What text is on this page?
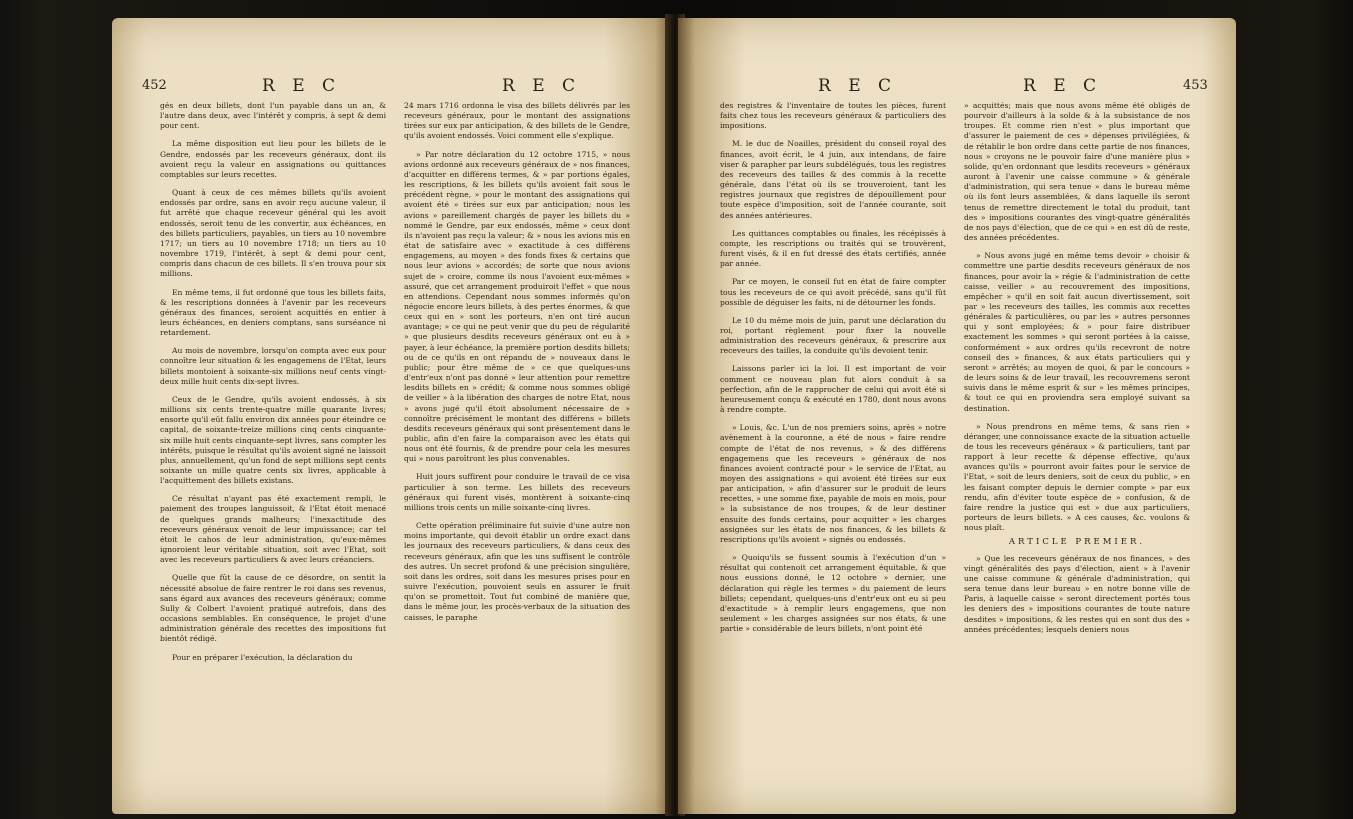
452	R E C	R E C

gés en deux billets, dont l'un payable dans un an, & l'autre dans deux, avec l'intérêt y compris, à sept & demi pour cent.

La même disposition eut lieu pour les billets de le Gendre, endossés par les receveurs généraux, dont ils avoient reçu la valeur en assignations ou quittances comptables sur leurs recettes.

Quant à ceux de ces mêmes billets qu'ils avoient endossés par ordre, sans en avoir reçu aucune valeur, il fut arrêté que chaque receveur général qui les avoit endossés, seroit tenu de les convertir, aux échéances, en des billets particuliers, payables, un tiers au 10 novembre 1717; un tiers au 10 novembre 1718; un tiers au 10 novembre 1719, l'intérêt, à sept & demi pour cent, compris dans chacun de ces billets. Il s'en trouva pour six millions.

En même tems, il fut ordonné que tous les billets faits, & les rescriptions données à l'avenir par les receveurs généraux des finances, seroient acquittés en entier à leurs échéances, en deniers comptans, sans surséance ni retardement.

Au mois de novembre, lorsqu'on compta avec eux pour connoître leur situation & les engagemens de l'Etat, leurs billets montoient à soixante-six millions neuf cents vingt-deux mille huit cents dix-sept livres.

Ceux de le Gendre, qu'ils avoient endossés, à six millions six cents trente-quatre mille quarante livres; ensorte qu'il eût fallu environ dix années pour éteindre ce capital, de soixante-treize millions cinq cents cinquante-six mille huit cents cinquante-sept livres, sans compter les intérêts, puisque le résultat qu'ils avoient signé ne laissoit plus, annuellement, qu'un fond de sept millions sept cents soixante un mille quatre cents six livres, applicable à l'acquittement des billets existans.

Ce résultat n'ayant pas été exactement rempli, le paiement des troupes languissoit, & l'Etat étoit menacé de quelques grands malheurs; l'inexactitude des receveurs généraux venoit de leur impuissance; car tel étoit le cahos de leur administration, qu'eux-mêmes ignoroient leur véritable situation, soit avec l'Etat, soit avec les receveurs particuliers & avec leurs créanciers.

Quelle que fût la cause de ce désordre, on sentit la nécessité absolue de faire rentrer le roi dans ses revenus, sans égard aux avances des receveurs généraux; comme Sully & Colbert l'avoient pratiqué autrefois, dans des occasions semblables. En conséquence, le projet d'une administration générale des recettes des impositions fut bientôt rédigé.

Pour en préparer l'exécution, la déclaration du

24 mars 1716 ordonna le visa des billets délivrés par les receveurs généraux, pour le montant des assignations tirées sur eux par anticipation, & des billets de le Gendre, qu'ils avoient endossés. Voici comment elle s'explique.

» Par notre déclaration du 12 octobre 1715, » nous avions ordonné aux receveurs généraux de » nos finances, d'acquitter en différens termes, & » par portions égales, les rescriptions, & les billets qu'ils avoient fait sous le précédent règne, » pour le montant des assignations qui avoient été » tirées sur eux par anticipation; nous les avions » pareillement chargés de payer les billets du » nommé le Gendre, par eux endossés, même » ceux dont ils n'avoient pas reçu la valeur; & » nous les avions mis en état de satisfaire avec » exactitude à ces différens engagemens, au moyen » des fonds fixes & certains que nous leur avions » accordés; de sorte que nous avions sujet de » croire, comme ils nous l'avoient eux-mêmes » assuré, que cet arrangement produiroit l'effet » que nous en attendions. Cependant nous sommes informés qu'on négocie encore leurs billets, à des pertes énormes, & que ceux qui en » sont les porteurs, n'en ont tiré aucun avantage; » ce qui ne peut venir que du peu de régularité » que plusieurs desdits receveurs généraux ont eu à » payer, à leur échéance, la première portion desdits billets; ou de ce qu'ils en ont répandu de » nouveaux dans le public; pour être même de » ce que quelques-uns d'entr'eux n'ont pas donné » leur attention pour remettre lesdits billets en » crédit; & comme nous sommes obligé de veiller » à la libération des charges de notre Etat, nous » avons jugé qu'il étoit absolument nécessaire de » connoître précisément le montant des différens » billets desdits receveurs généraux qui sont présentement dans le public, afin d'en faire la comparaison avec les états qui nous ont été fournis, & de prendre pour cela les mesures qui » nous paroîtront les plus convenables.

Huit jours suffirent pour conduire le travail de ce visa particulier à son terme. Les billets des receveurs généraux qui furent visés, montèrent à soixante-cinq millions trois cents un mille soixante-cinq livres.

Cette opération préliminaire fut suivie d'une autre non moins importante, qui devoit établir un ordre exact dans les journaux des receveurs particuliers, & dans ceux des receveurs généraux, afin que les uns suffisent le contrôle des autres. Un secret profond & une précision singulière, soit dans les ordres, soit dans les mesures prises pour en suivre l'exécution, pouvoient seuls en assurer le fruit qu'on se promettoit. Tout fut combiné de manière que, dans le même jour, les procès-verbaux de la situation des caisses, le paraphe

R E C	R E C	453

des registres & l'inventaire de toutes les pièces, furent faits chez tous les receveurs généraux & particuliers des impositions.

M. le duc de Noailles, président du conseil royal des finances, avoit écrit, le 4 juin, aux intendans, de faire viser & parapher par leurs subdélégués, tous les registres des receveurs des tailles & des commis à la recette générale, dans l'état où ils se trouveroient, tant les registres journaux que registres de dépouillement pour toute espèce d'imposition, soit de l'année courante, soit des années antérieures.

Les quittances comptables ou finales, les récépissés à compte, les rescriptions ou traités qui se trouvèrent, furent visés, & il en fut dressé des états certifiés, année par année.

Par ce moyen, le conseil fut en état de faire compter tous les receveurs de ce qui avoit précédé, sans qu'il fût possible de déguiser les faits, ni de détourner les fonds.

Le 10 du même mois de juin, parut une déclaration du roi, portant règlement pour fixer la nouvelle administration des receveurs généraux, & prescrire aux receveurs des tailles, la conduite qu'ils devoient tenir.

Laissons parler ici la loi. Il est important de voir comment ce nouveau plan fut alors conduit à sa perfection, afin de le rapprocher de celui qui avoit été si heureusement conçu & exécuté en 1780, dont nous avons à rendre compte.

» Louis, &c. L'un de nos premiers soins, après » notre avènement à la couronne, a été de nous » faire rendre compte de l'état de nos revenus, » & des différens engagemens que les receveurs » généraux de nos finances avoient contracté pour » le service de l'Etat, au moyen des assignations » qui avoient été tirées sur eux par anticipation, » afin d'assurer sur le produit de leurs recettes, » une somme fixe, payable de mois en mois, pour » la subsistance de nos troupes, & de leur destiner ensuite des fonds certains, pour acquitter » les charges assignées sur les états de nos finances, & les billets & rescriptions qu'ils avoient » signés ou endossés.

» Quoiqu'ils se fussent soumis à l'exécution d'un » résultat qui contenoit cet arrangement équitable, & que nous eussions donné, le 12 octobre » dernier, une déclaration qui règle les termes » du paiement de leurs billets; cependant, quelques-uns d'entr'eux ont eu si peu d'exactitude » à remplir leurs engagemens, que non seulement » les charges assignées sur nos états, & une partie » considérable de leurs billets, n'ont point été

» acquittés; mais que nous avons même été obligés de pourvoir d'ailleurs à la solde & à la subsistance de nos troupes. Et comme rien n'est » plus important que d'assurer le paiement de ces » dépenses privilégiées, & de rétablir le bon ordre dans cette partie de nos finances, nous » croyons ne le pouvoir faire d'une manière plus » solide, qu'en ordonnant que lesdits receveurs » généraux auront à l'avenir une caisse commune » & générale d'administration, qui sera tenue » dans le bureau même où ils font leurs assemblées, & dans laquelle ils seront tenus de remettre directement le total du produit, tant des » impositions courantes des vingt-quatre généralités de nos pays d'élection, que de ce qui » en est dû de reste, des années précédentes.

» Nous avons jugé en même tems devoir » choisir & commettre une partie desdits receveurs généraux de nos finances, pour avoir la » régie & l'administration de cette caisse, veiller » au recouvrement des impositions, empêcher » qu'il en soit fait aucun divertissement, soit par » les receveurs des tailles, les commis aux recettes générales & particulières, ou par les » autres personnes qui y sont employées; & » pour faire distribuer exactement les sommes » qui seront portées à la caisse, conformément » aux ordres qu'ils recevront de notre conseil des » finances, & aux états particuliers qui y seront » arrêtés; au moyen de quoi, & par le concours » de leurs soins & de leur travail, les recouvremens seront suivis dans le même esprit & sur » les mêmes principes, & tout ce qui en proviendra sera employé suivant sa destination.

» Nous prendrons en même tems, & sans rien » déranger, une connoissance exacte de la situation actuelle de tous les receveurs généraux » & particuliers, tant par rapport à leur recette & dépense effective, qu'aux avances qu'ils » pourront avoir faites pour le service de l'Etat, » soit de leurs deniers, soit de ceux du public, » en les faisant compter depuis le dernier compte » par eux rendu, afin d'éviter toute espèce de » confusion, & de faire rendre la justice qui est » due aux particuliers, porteurs de leurs billets. » A ces causes, &c. voulons & nous plaît.

ARTICLE PREMIER.

» Que les receveurs généraux de nos finances, » des vingt généralités des pays d'élection, aient » à l'avenir une caisse commune & générale d'administration, qui sera tenue dans leur bureau » en notre bonne ville de Paris, à laquelle caisse » seront directement portés tous les deniers des » impositions courantes de toute nature desdites » impositions, & les restes qui en sont dus des » années précédentes; lesquels deniers nous
